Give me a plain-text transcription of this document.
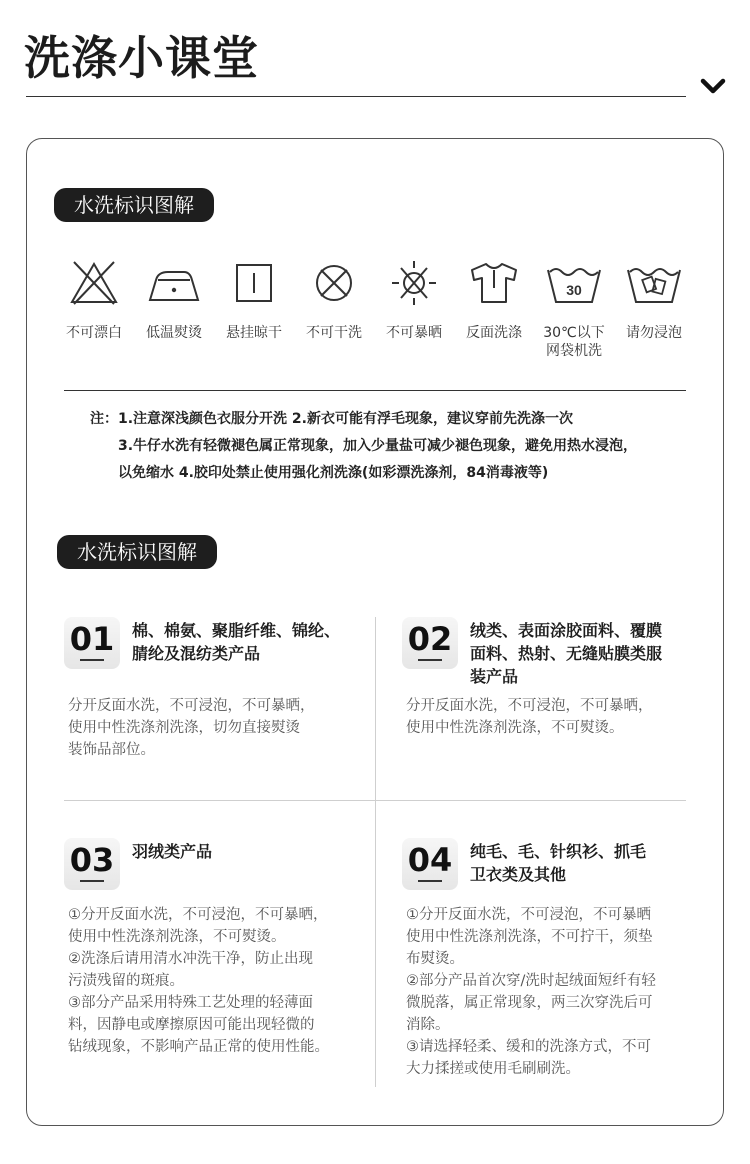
洗涤小课堂
水洗标识图解
不可漂白	低温熨烫	悬挂晾干	不可干洗	不可暴晒	反面洗涤
30
30℃以下
网袋机洗
请勿浸泡
注：1.注意深浅颜色衣服分开洗 2.新衣可能有浮毛现象，建议穿前先洗涤一次
3.牛仔水洗有轻微褪色属正常现象，加入少量盐可减少褪色现象，避免用热水浸泡，
以免缩水 4.胶印处禁止使用强化剂洗涤(如彩漂洗涤剂，84消毒液等)
水洗标识图解
01	棉、棉氨、聚脂纤维、锦纶、
腈纶及混纺类产品
分开反面水洗，不可浸泡，不可暴晒，
使用中性洗涤剂洗涤，切勿直接熨烫
装饰品部位。
02	绒类、表面涂胶面料、覆膜
面料、热射、无缝贴膜类服
装产品
分开反面水洗，不可浸泡，不可暴晒，
使用中性洗涤剂洗涤，不可熨烫。
03	羽绒类产品
①分开反面水洗，不可浸泡，不可暴晒，
使用中性洗涤剂洗涤，不可熨烫。
②洗涤后请用清水冲洗干净，防止出现
污渍残留的斑痕。
③部分产品采用特殊工艺处理的轻薄面
料，因静电或摩擦原因可能出现轻微的
钻绒现象，不影响产品正常的使用性能。
04	纯毛、毛、针织衫、抓毛
卫衣类及其他
①分开反面水洗，不可浸泡，不可暴晒
使用中性洗涤剂洗涤，不可拧干，须垫
布熨烫。
②部分产品首次穿/洗时起绒面短纤有轻
微脱落，属正常现象，两三次穿洗后可
消除。
③请选择轻柔、缓和的洗涤方式，不可
大力揉搓或使用毛刷刷洗。
